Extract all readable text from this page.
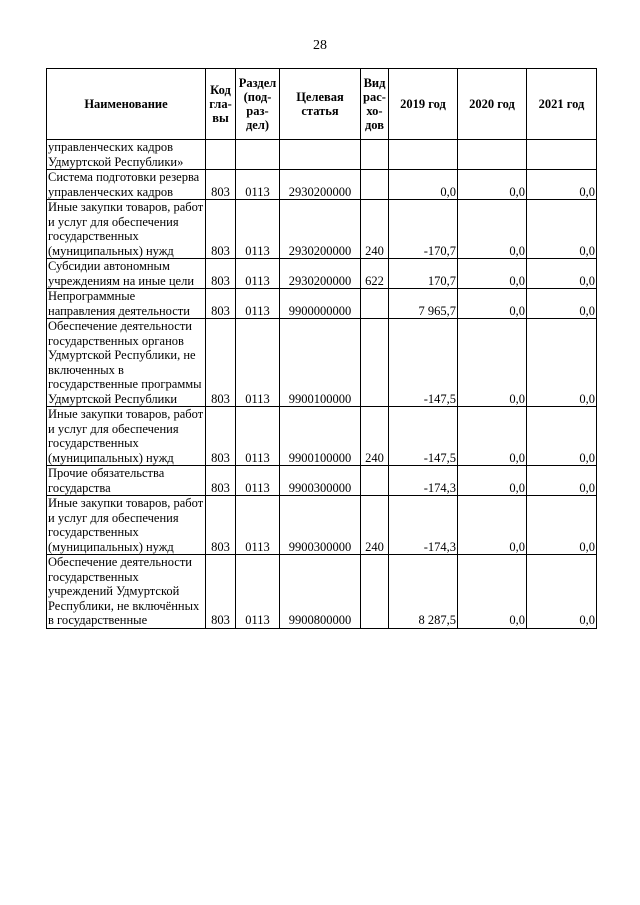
28
Наименование	Код гла- вы	Раздел (под- раз- дел)	Целевая статья	Вид рас- хо- дов	2019 год	2020 год	2021 год
управленческих кадров Удмуртской Республики»							
Система подготовки резерва управленческих кадров	803	0113	2930200000		0,0	0,0	0,0
Иные закупки товаров, работ и услуг для обеспечения государственных (муниципальных) нужд	803	0113	2930200000	240	-170,7	0,0	0,0
Субсидии автономным учреждениям на иные цели	803	0113	2930200000	622	170,7	0,0	0,0
Непрограммные направления деятельности	803	0113	9900000000		7 965,7	0,0	0,0
Обеспечение деятельности государственных органов Удмуртской Республики, не включенных в государственные программы Удмуртской Республики	803	0113	9900100000		-147,5	0,0	0,0
Иные закупки товаров, работ и услуг для обеспечения государственных (муниципальных) нужд	803	0113	9900100000	240	-147,5	0,0	0,0
Прочие обязательства государства	803	0113	9900300000		-174,3	0,0	0,0
Иные закупки товаров, работ и услуг для обеспечения государственных (муниципальных) нужд	803	0113	9900300000	240	-174,3	0,0	0,0
Обеспечение деятельности государственных учреждений Удмуртской Республики, не включённых в государственные	803	0113	9900800000		8 287,5	0,0	0,0
